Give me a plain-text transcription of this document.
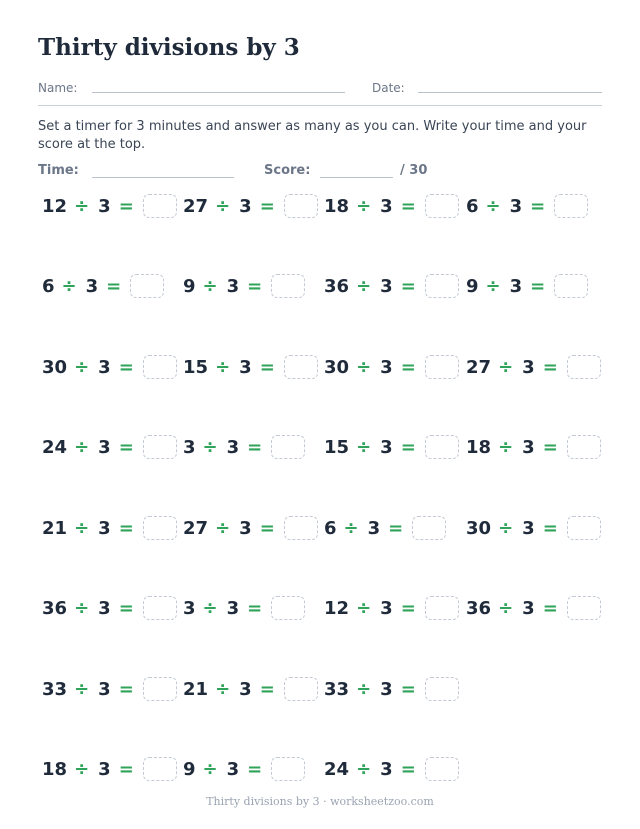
Thirty divisions by 3
Name:	Date:

Set a timer for 3 minutes and answer as many as you can. Write your time and your score at the top.

Time:	Score:	/ 30
12 ÷ 3 =	27 ÷ 3 =	18 ÷ 3 =	6 ÷ 3 =
6 ÷ 3 =	9 ÷ 3 =	36 ÷ 3 =	9 ÷ 3 =
30 ÷ 3 =	15 ÷ 3 =	30 ÷ 3 =	27 ÷ 3 =
24 ÷ 3 =	3 ÷ 3 =	15 ÷ 3 =	18 ÷ 3 =
21 ÷ 3 =	27 ÷ 3 =	6 ÷ 3 =	30 ÷ 3 =
36 ÷ 3 =	3 ÷ 3 =	12 ÷ 3 =	36 ÷ 3 =
33 ÷ 3 =	21 ÷ 3 =	33 ÷ 3 =
18 ÷ 3 =	9 ÷ 3 =	24 ÷ 3 =
Thirty divisions by 3 · worksheetzoo.com
